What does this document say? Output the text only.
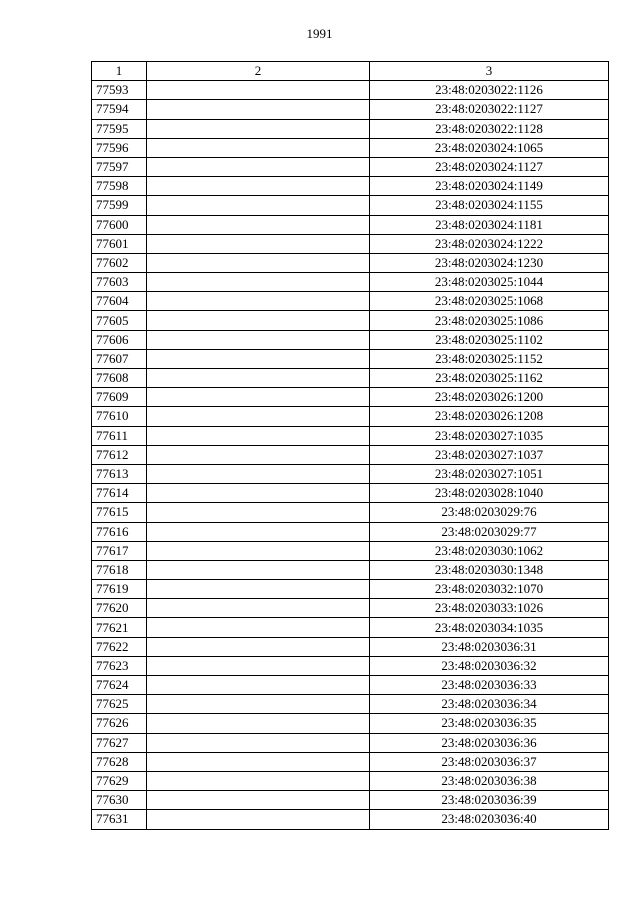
1991
1	2	3
77593		23:48:0203022:1126
77594		23:48:0203022:1127
77595		23:48:0203022:1128
77596		23:48:0203024:1065
77597		23:48:0203024:1127
77598		23:48:0203024:1149
77599		23:48:0203024:1155
77600		23:48:0203024:1181
77601		23:48:0203024:1222
77602		23:48:0203024:1230
77603		23:48:0203025:1044
77604		23:48:0203025:1068
77605		23:48:0203025:1086
77606		23:48:0203025:1102
77607		23:48:0203025:1152
77608		23:48:0203025:1162
77609		23:48:0203026:1200
77610		23:48:0203026:1208
77611		23:48:0203027:1035
77612		23:48:0203027:1037
77613		23:48:0203027:1051
77614		23:48:0203028:1040
77615		23:48:0203029:76
77616		23:48:0203029:77
77617		23:48:0203030:1062
77618		23:48:0203030:1348
77619		23:48:0203032:1070
77620		23:48:0203033:1026
77621		23:48:0203034:1035
77622		23:48:0203036:31
77623		23:48:0203036:32
77624		23:48:0203036:33
77625		23:48:0203036:34
77626		23:48:0203036:35
77627		23:48:0203036:36
77628		23:48:0203036:37
77629		23:48:0203036:38
77630		23:48:0203036:39
77631		23:48:0203036:40
